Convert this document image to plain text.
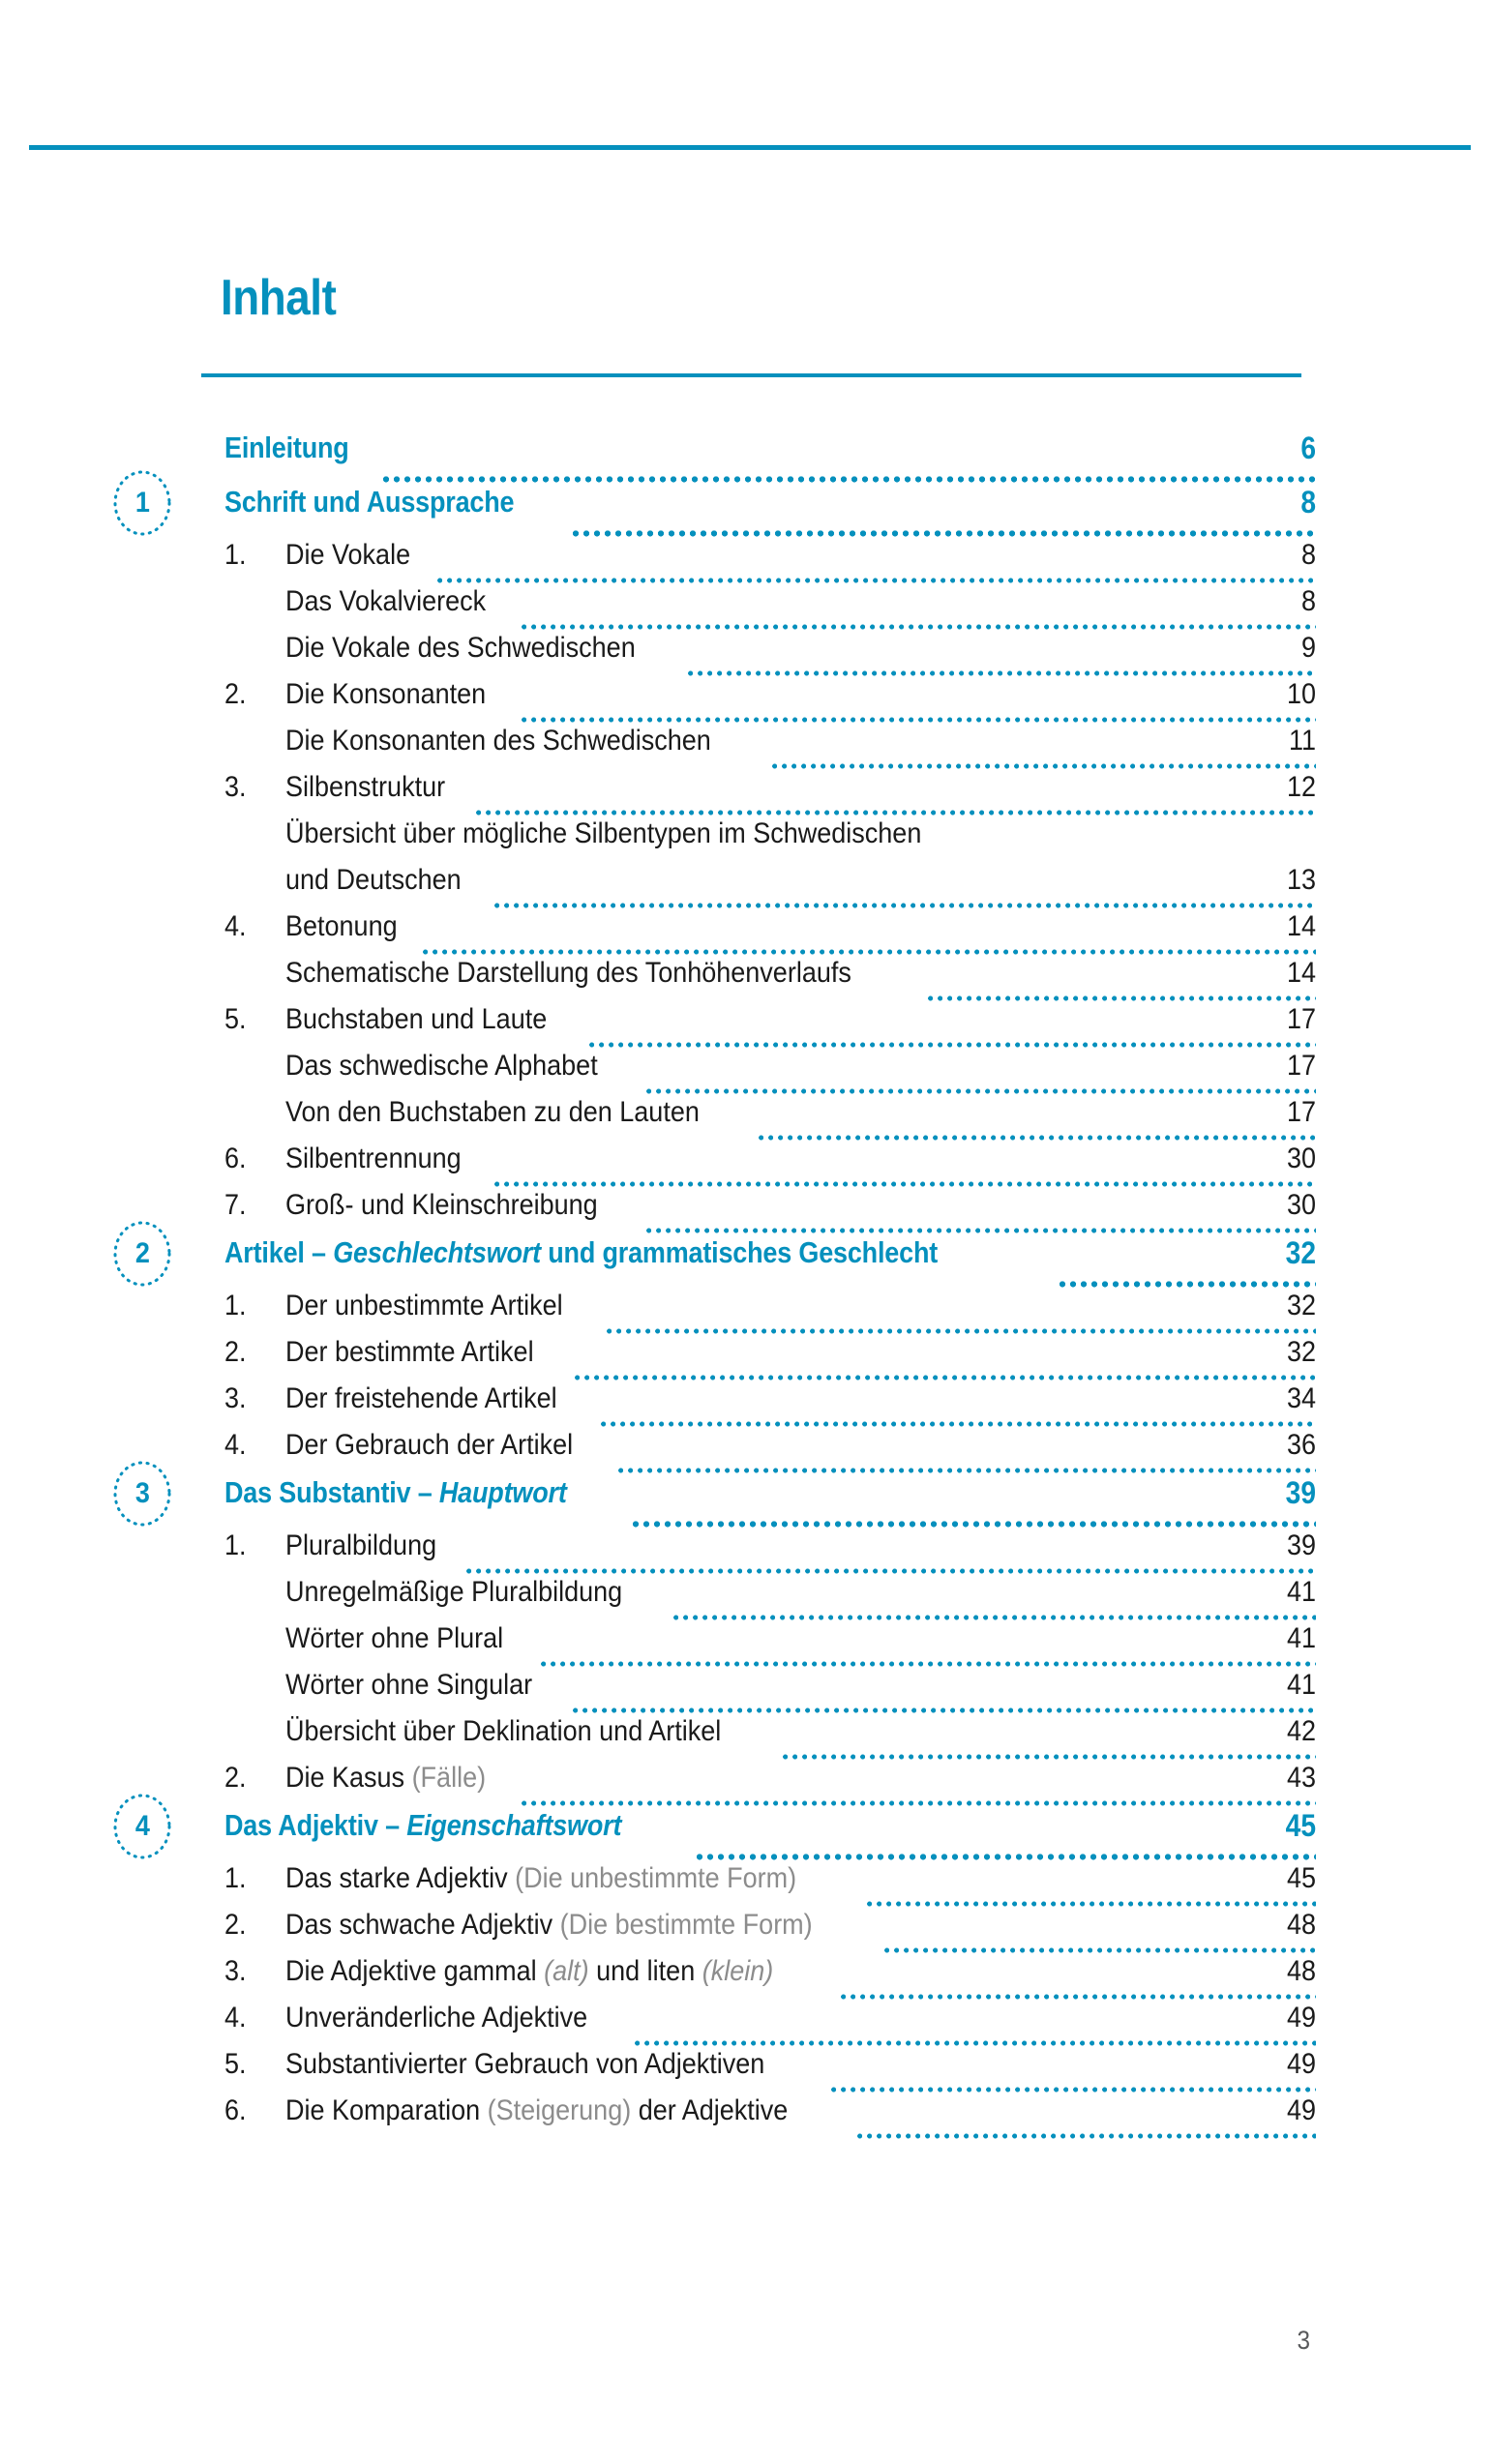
Inhalt
Einleitung	6
1 Schrift und Aussprache	8
1.	Die Vokale	8
Das Vokalviereck	8
Die Vokale des Schwedischen	9
2.	Die Konsonanten	10
Die Konsonanten des Schwedischen	11
3.	Silbenstruktur	12
Übersicht über mögliche Silbentypen im Schwedischen
und Deutschen	13
4.	Betonung	14
Schematische Darstellung des Tonhöhenverlaufs	14
5.	Buchstaben und Laute	17
Das schwedische Alphabet	17
Von den Buchstaben zu den Lauten	17
6.	Silbentrennung	30
7.	Groß- und Kleinschreibung	30
2 Artikel – Geschlechtswort und grammatisches Geschlecht	32
1.	Der unbestimmte Artikel	32
2.	Der bestimmte Artikel	32
3.	Der freistehende Artikel	34
4.	Der Gebrauch der Artikel	36
3 Das Substantiv – Hauptwort	39
1.	Pluralbildung	39
Unregelmäßige Pluralbildung	41
Wörter ohne Plural	41
Wörter ohne Singular	41
Übersicht über Deklination und Artikel	42
2.	Die Kasus (Fälle)	43
4 Das Adjektiv – Eigenschaftswort	45
1.	Das starke Adjektiv (Die unbestimmte Form)	45
2.	Das schwache Adjektiv (Die bestimmte Form)	48
3.	Die Adjektive gammal (alt) und liten (klein)	48
4.	Unveränderliche Adjektive	49
5.	Substantivierter Gebrauch von Adjektiven	49
6.	Die Komparation (Steigerung) der Adjektive	49
3
